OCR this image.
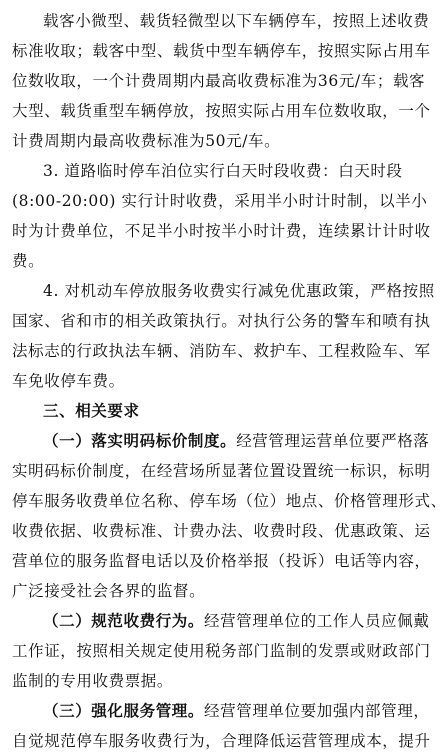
载客小微型、载货轻微型以下车辆停车，按照上述收费
标准收取；载客中型、载货中型车辆停车，按照实际占用车
位数收取，一个计费周期内最高收费标准为36元/车；载客
大型、载货重型车辆停放，按照实际占用车位数收取，一个
计费周期内最高收费标准为50元/车。
3. 道路临时停车泊位实行白天时段收费：白天时段
(8:00-20:00) 实行计时收费，采用半小时计时制，以半小
时为计费单位，不足半小时按半小时计费，连续累计计时收
费。
4. 对机动车停放服务收费实行减免优惠政策，严格按照
国家、省和市的相关政策执行。对执行公务的警车和喷有执
法标志的行政执法车辆、消防车、救护车、工程救险车、军
车免收停车费。
三、相关要求
（一）落实明码标价制度。经营管理运营单位要严格落
实明码标价制度，在经营场所显著位置设置统一标识，标明
停车服务收费单位名称、停车场（位）地点、价格管理形式、
收费依据、收费标准、计费办法、收费时段、优惠政策、运
营单位的服务监督电话以及价格举报（投诉）电话等内容，
广泛接受社会各界的监督。
（二）规范收费行为。经营管理单位的工作人员应佩戴
工作证，按照相关规定使用税务部门监制的发票或财政部门
监制的专用收费票据。
（三）强化服务管理。经营管理单位要加强内部管理，
自觉规范停车服务收费行为，合理降低运营管理成本，提升
